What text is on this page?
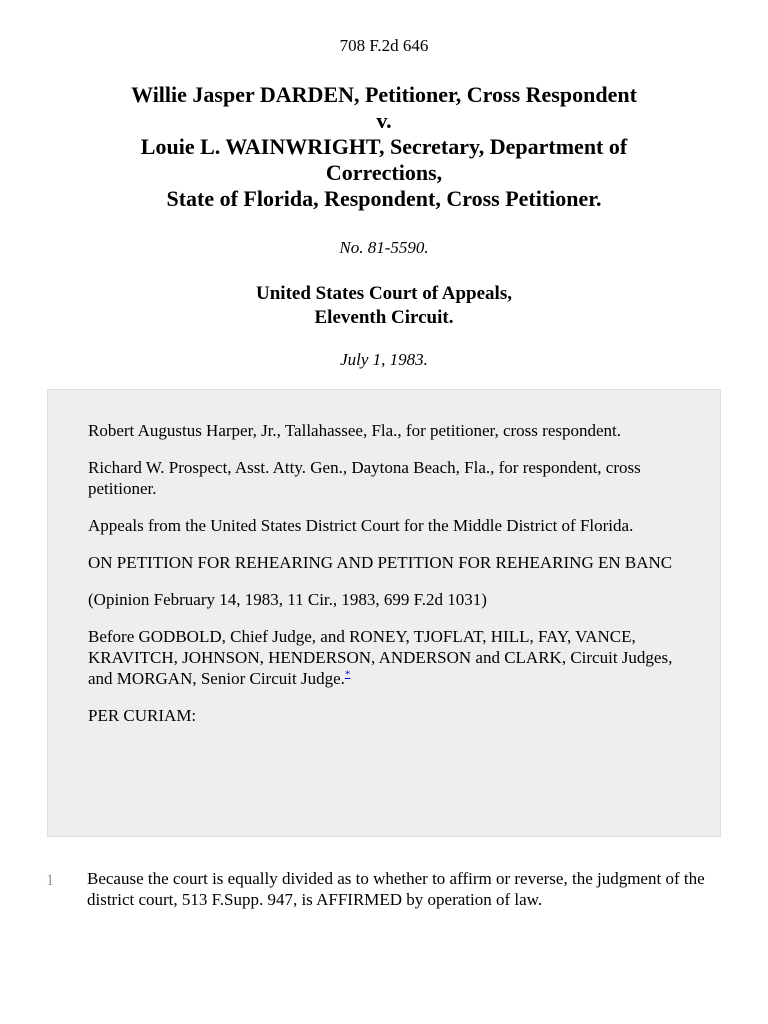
708 F.2d 646
Willie Jasper DARDEN, Petitioner, Cross Respondent
v.
Louie L. WAINWRIGHT, Secretary, Department of
Corrections,
State of Florida, Respondent, Cross Petitioner.
No. 81-5590.
United States Court of Appeals,
Eleventh Circuit.
July 1, 1983.

Robert Augustus Harper, Jr., Tallahassee, Fla., for petitioner, cross respondent.

Richard W. Prospect, Asst. Atty. Gen., Daytona Beach, Fla., for respondent, cross petitioner.

Appeals from the United States District Court for the Middle District of Florida.

ON PETITION FOR REHEARING AND PETITION FOR REHEARING EN BANC

(Opinion February 14, 1983, 11 Cir., 1983, 699 F.2d 1031)

Before GODBOLD, Chief Judge, and RONEY, TJOFLAT, HILL, FAY, VANCE, KRAVITCH, JOHNSON, HENDERSON, ANDERSON and CLARK, Circuit Judges, and MORGAN, Senior Circuit Judge.*

PER CURIAM:

1 Because the court is equally divided as to whether to affirm or reverse, the judgment of the district court, 513 F.Supp. 947, is AFFIRMED by operation of law.
